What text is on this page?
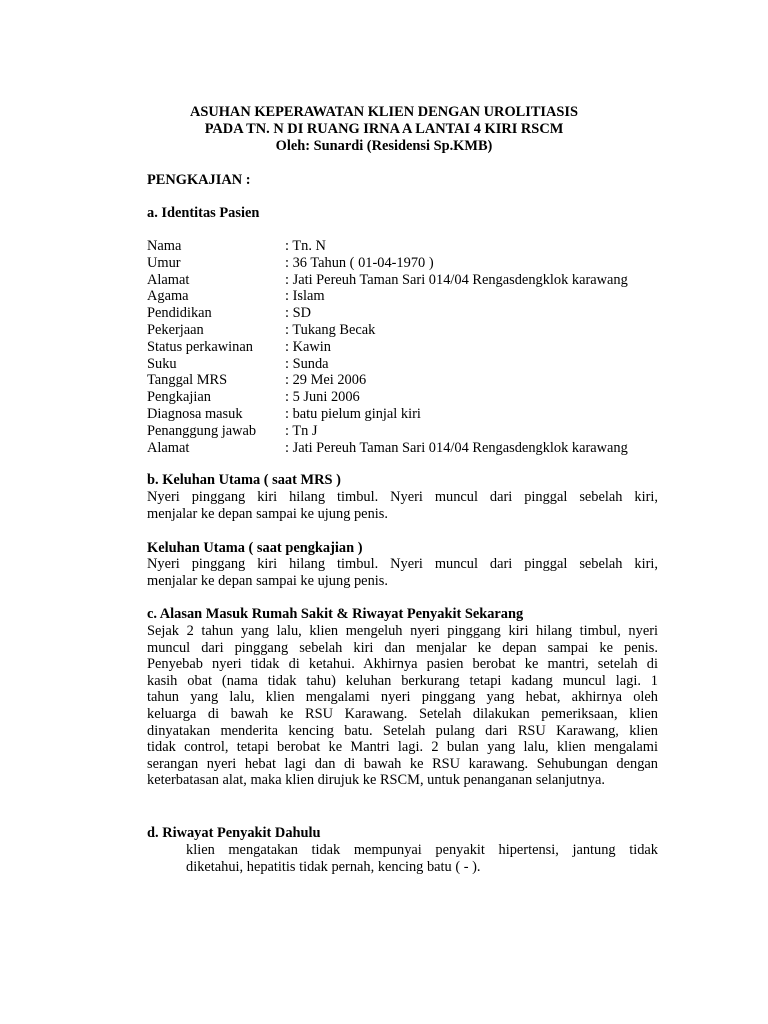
ASUHAN KEPERAWATAN KLIEN DENGAN UROLITIASIS
PADA TN. N DI RUANG IRNA A LANTAI 4 KIRI RSCM
Oleh: Sunardi (Residensi Sp.KMB)
PENGKAJIAN :
a. Identitas Pasien
Nama	: Tn. N
Umur	: 36 Tahun ( 01-04-1970 )
Alamat	: Jati Pereuh Taman Sari 014/04 Rengasdengklok karawang
Agama	: Islam
Pendidikan	: SD
Pekerjaan	: Tukang Becak
Status perkawinan : Kawin
Suku	: Sunda
Tanggal MRS	: 29 Mei 2006
Pengkajian	: 5 Juni 2006
Diagnosa masuk	: batu pielum ginjal kiri
Penanggung jawab : Tn J
Alamat	: Jati Pereuh Taman Sari 014/04 Rengasdengklok karawang
b. Keluhan Utama ( saat MRS )
Nyeri pinggang kiri hilang timbul. Nyeri muncul dari pinggal sebelah kiri,
menjalar ke depan sampai ke ujung penis.
Keluhan Utama ( saat pengkajian )
Nyeri pinggang kiri hilang timbul. Nyeri muncul dari pinggal sebelah kiri,
menjalar ke depan sampai ke ujung penis.
c. Alasan Masuk Rumah Sakit & Riwayat Penyakit Sekarang
Sejak 2 tahun yang lalu, klien mengeluh nyeri pinggang kiri hilang timbul, nyeri
muncul dari pinggang sebelah kiri dan menjalar ke depan sampai ke penis.
Penyebab nyeri tidak di ketahui. Akhirnya pasien berobat ke mantri, setelah di
kasih obat (nama tidak tahu) keluhan berkurang tetapi kadang muncul lagi. 1
tahun yang lalu, klien mengalami nyeri pinggang yang hebat, akhirnya oleh
keluarga di bawah ke RSU Karawang. Setelah dilakukan pemeriksaan, klien
dinyatakan menderita kencing batu. Setelah pulang dari RSU Karawang, klien
tidak control, tetapi berobat ke Mantri lagi. 2 bulan yang lalu, klien mengalami
serangan nyeri hebat lagi dan di bawah ke RSU karawang. Sehubungan dengan
keterbatasan alat, maka klien dirujuk ke RSCM, untuk penanganan selanjutnya.
d. Riwayat Penyakit Dahulu
klien mengatakan tidak mempunyai penyakit hipertensi, jantung tidak
diketahui, hepatitis tidak pernah, kencing batu ( - ).
